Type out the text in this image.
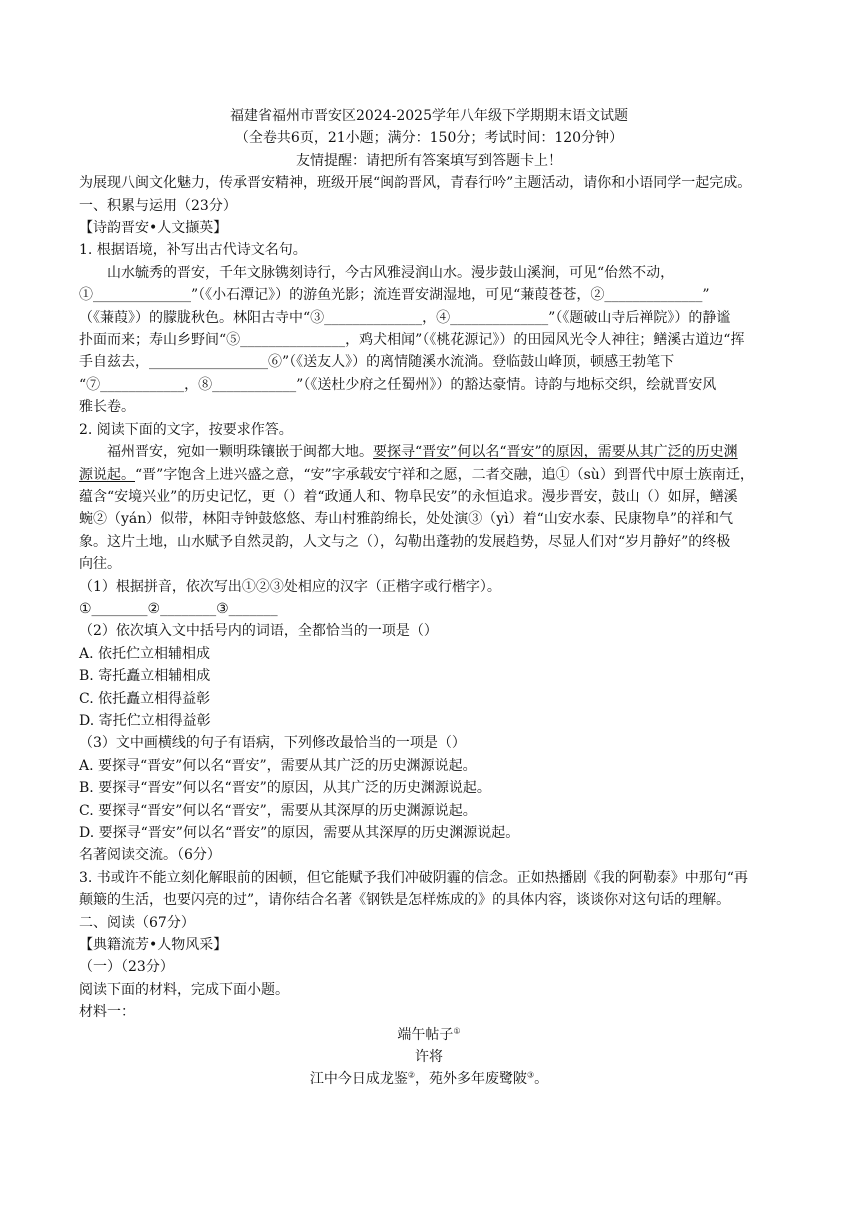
福建省福州市晋安区2024-2025学年八年级下学期期末语文试题
（全卷共6页，21小题；满分：150分；考试时间：120分钟）
友情提醒：请把所有答案填写到答题卡上！
为展现八闽文化魅力，传承晋安精神，班级开展“闽韵晋风，青春行吟”主题活动，请你和小语同学一起完成。
一、积累与运用（23分）
【诗韵晋安•人文撷英】
1. 根据语境，补写出古代诗文名句。
山水毓秀的晋安，千年文脉镌刻诗行，今古风雅浸润山水。漫步鼓山溪涧，可见“佁然不动，
①______________”（《小石潭记》）的游鱼光影；流连晋安湖湿地，可见“蒹葭苍苍，②______________”
（《蒹葭》）的朦胧秋色。林阳古寺中“③______________，④______________”（《题破山寺后禅院》）的静谧
扑面而来；寿山乡野间“⑤_______________，鸡犬相闻”（《桃花源记》）的田园风光令人神往；鳝溪古道边“挥
手自兹去，_________________⑥”（《送友人》）的离情随溪水流淌。登临鼓山峰顶，顿感王勃笔下
“⑦____________，⑧____________”（《送杜少府之任蜀州》）的豁达豪情。诗韵与地标交织，绘就晋安风
雅长卷。
2. 阅读下面的文字，按要求作答。
福州晋安，宛如一颗明珠镶嵌于闽都大地。要探寻“晋安”何以名“晋安”的原因，需要从其广泛的历史渊
源说起。“晋”字饱含上进兴盛之意，“安”字承载安宁祥和之愿，二者交融，追①（sù）到晋代中原士族南迁，
蕴含“安境兴业”的历史记忆，更（）着“政通人和、物阜民安”的永恒追求。漫步晋安，鼓山（）如屏，鳝溪
蜿②（yán）似带，林阳寺钟鼓悠悠、寿山村雅韵绵长，处处演③（yì）着“山安水泰、民康物阜”的祥和气
象。这片土地，山水赋予自然灵韵，人文与之（），勾勒出蓬勃的发展趋势，尽显人们对“岁月静好”的终极
向往。
（1）根据拼音，依次写出①②③处相应的汉字（正楷字或行楷字）。
①________②________③_______
（2）依次填入文中括号内的词语，全都恰当的一项是（）
A. 依托伫立相辅相成
B. 寄托矗立相辅相成
C. 依托矗立相得益彰
D. 寄托伫立相得益彰
（3）文中画横线的句子有语病，下列修改最恰当的一项是（）
A. 要探寻“晋安”何以名“晋安”，需要从其广泛的历史渊源说起。
B. 要探寻“晋安”何以名“晋安”的原因，从其广泛的历史渊源说起。
C. 要探寻“晋安”何以名“晋安”，需要从其深厚的历史渊源说起。
D. 要探寻“晋安”何以名“晋安”的原因，需要从其深厚的历史渊源说起。
名著阅读交流。（6分）
3. 书或许不能立刻化解眼前的困顿，但它能赋予我们冲破阴霾的信念。正如热播剧《我的阿勒泰》中那句“再
颠簸的生活，也要闪亮的过”，请你结合名著《钢铁是怎样炼成的》的具体内容，谈谈你对这句话的理解。
二、阅读（67分）
【典籍流芳•人物风采】
（一）（23分）
阅读下面的材料，完成下面小题。
材料一：
端午帖子①
许将
江中今日成龙鉴②，苑外多年废鹭陂③。
